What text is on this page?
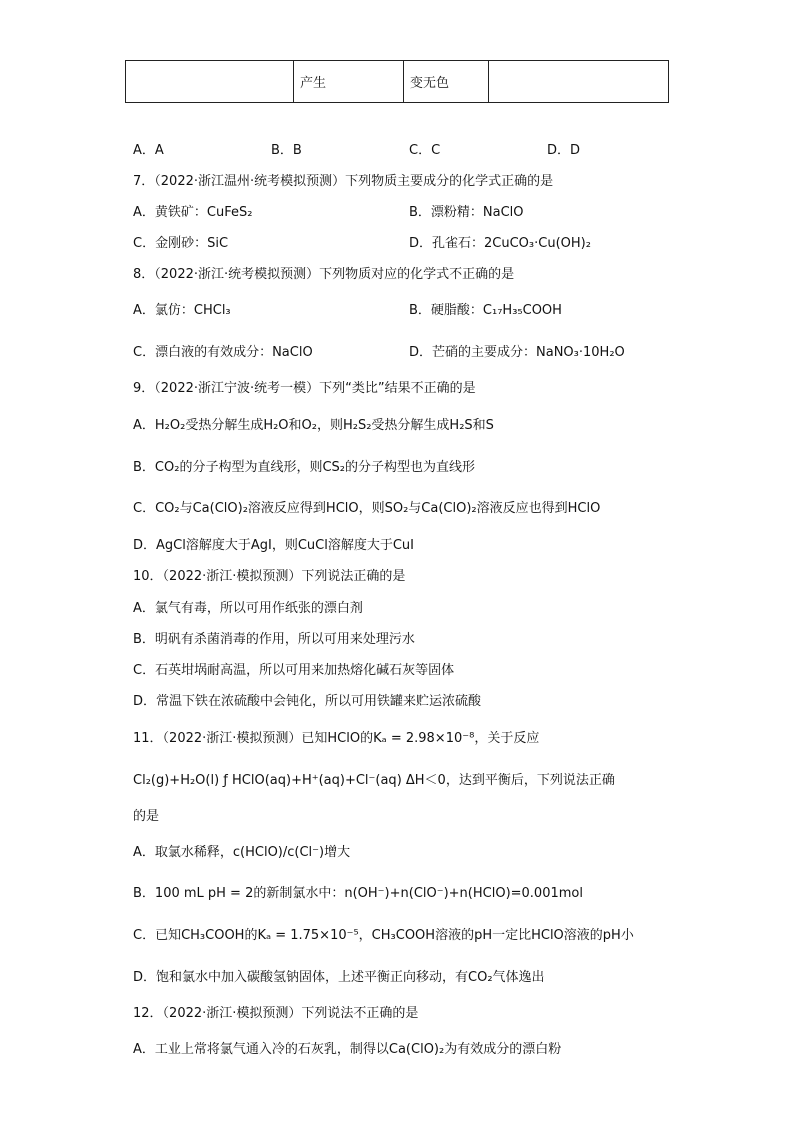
	产生	变无色	
A．A	B．B	C．C	D．D
7．（2022·浙江温州·统考模拟预测）下列物质主要成分的化学式正确的是
A．黄铁矿：CuFeS₂	B．漂粉精：NaClO
C．金刚砂：SiC	D．孔雀石：2CuCO₃·Cu(OH)₂
8．（2022·浙江·统考模拟预测）下列物质对应的化学式不正确的是
A．氯仿：CHCl₃	B．硬脂酸：C₁₇H₃₅COOH
C．漂白液的有效成分：NaClO	D．芒硝的主要成分：NaNO₃·10H₂O
9．（2022·浙江宁波·统考一模）下列“类比”结果不正确的是
A．H₂O₂受热分解生成H₂O和O₂，则H₂S₂受热分解生成H₂S和S
B．CO₂的分子构型为直线形，则CS₂的分子构型也为直线形
C．CO₂与Ca(ClO)₂溶液反应得到HClO，则SO₂与Ca(ClO)₂溶液反应也得到HClO
D．AgCl溶解度大于AgI，则CuCl溶解度大于CuI
10．（2022·浙江·模拟预测）下列说法正确的是
A．氯气有毒，所以可用作纸张的漂白剂
B．明矾有杀菌消毒的作用，所以可用来处理污水
C．石英坩埚耐高温，所以可用来加热熔化碱石灰等固体
D．常温下铁在浓硫酸中会钝化，所以可用铁罐来贮运浓硫酸
11．（2022·浙江·模拟预测）已知HClO的Kₐ = 2.98×10⁻⁸，关于反应
Cl₂(g)+H₂O(l) ƒ HClO(aq)+H⁺(aq)+Cl⁻(aq) ΔH＜0，达到平衡后，下列说法正确
的是
A．取氯水稀释，c(HClO)/c(Cl⁻)增大
B．100 mL pH = 2的新制氯水中：n(OH⁻)+n(ClO⁻)+n(HClO)=0.001mol
C．已知CH₃COOH的Kₐ = 1.75×10⁻⁵，CH₃COOH溶液的pH一定比HClO溶液的pH小
D．饱和氯水中加入碳酸氢钠固体，上述平衡正向移动，有CO₂气体逸出
12．（2022·浙江·模拟预测）下列说法不正确的是
A．工业上常将氯气通入冷的石灰乳，制得以Ca(ClO)₂为有效成分的漂白粉
